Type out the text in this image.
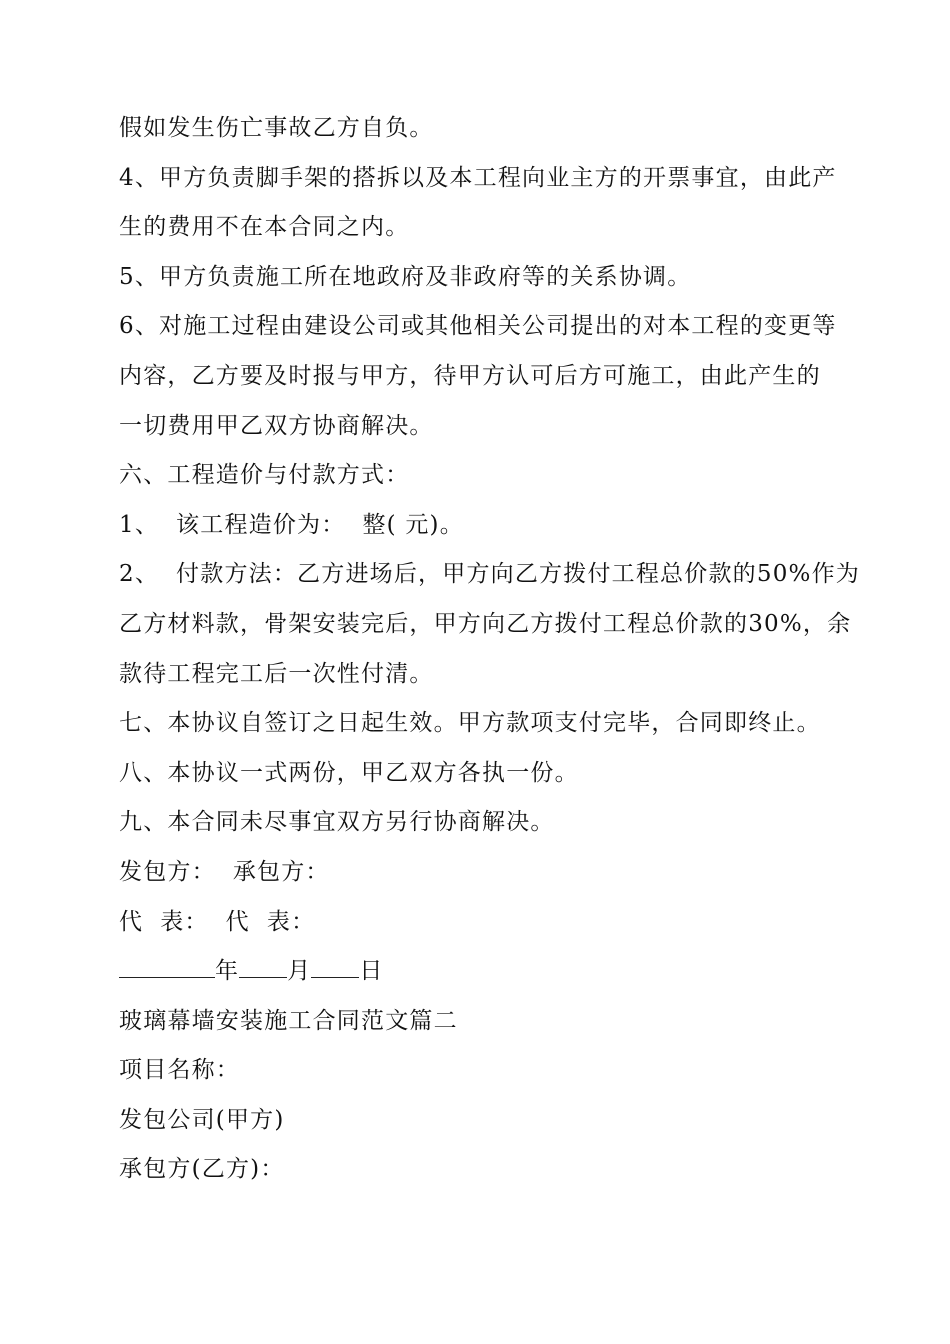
假如发生伤亡事故乙方自负。
4、甲方负责脚手架的搭拆以及本工程向业主方的开票事宜，由此产
生的费用不在本合同之内。
5、甲方负责施工所在地政府及非政府等的关系协调。
6、对施工过程由建设公司或其他相关公司提出的对本工程的变更等
内容，乙方要及时报与甲方，待甲方认可后方可施工，由此产生的
一切费用甲乙双方协商解决。
六、工程造价与付款方式：
1、  该工程造价为：  整( 元)。
2、  付款方法：乙方进场后，甲方向乙方拨付工程总价款的50%作为
乙方材料款，骨架安装完后，甲方向乙方拨付工程总价款的30%，余
款待工程完工后一次性付清。
七、本协议自签订之日起生效。甲方款项支付完毕，合同即终止。
八、本协议一式两份，甲乙双方各执一份。
九、本合同未尽事宜双方另行协商解决。
发包方：  承包方：
代  表：  代  表：
年 月 日
玻璃幕墙安装施工合同范文篇二
项目名称：
发包公司(甲方)
承包方(乙方)：
